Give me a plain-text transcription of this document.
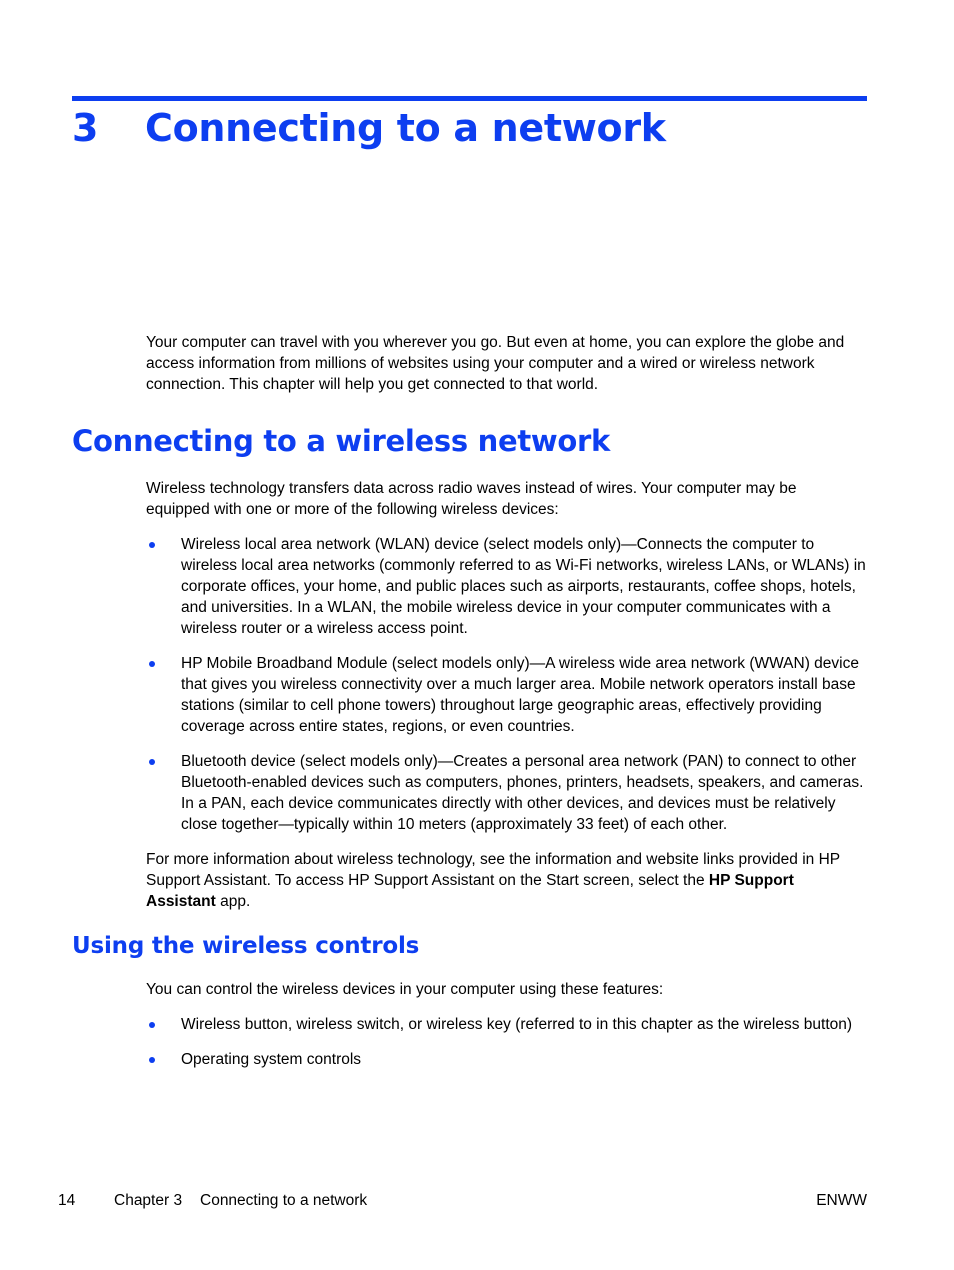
3 Connecting to a network

Your computer can travel with you wherever you go. But even at home, you can explore the globe and access information from millions of websites using your computer and a wired or wireless network connection. This chapter will help you get connected to that world.

Connecting to a wireless network

Wireless technology transfers data across radio waves instead of wires. Your computer may be equipped with one or more of the following wireless devices:

Wireless local area network (WLAN) device (select models only)—Connects the computer to wireless local area networks (commonly referred to as Wi-Fi networks, wireless LANs, or WLANs) in corporate offices, your home, and public places such as airports, restaurants, coffee shops, hotels, and universities. In a WLAN, the mobile wireless device in your computer communicates with a wireless router or a wireless access point.
HP Mobile Broadband Module (select models only)—A wireless wide area network (WWAN) device that gives you wireless connectivity over a much larger area. Mobile network operators install base stations (similar to cell phone towers) throughout large geographic areas, effectively providing coverage across entire states, regions, or even countries.
Bluetooth device (select models only)—Creates a personal area network (PAN) to connect to other Bluetooth-enabled devices such as computers, phones, printers, headsets, speakers, and cameras. In a PAN, each device communicates directly with other devices, and devices must be relatively close together—typically within 10 meters (approximately 33 feet) of each other.

For more information about wireless technology, see the information and website links provided in HP Support Assistant. To access HP Support Assistant on the Start screen, select the HP Support Assistant app.

Using the wireless controls

You can control the wireless devices in your computer using these features:

Wireless button, wireless switch, or wireless key (referred to in this chapter as the wireless button)
Operating system controls
14	Chapter 3 Connecting to a network	ENWW
